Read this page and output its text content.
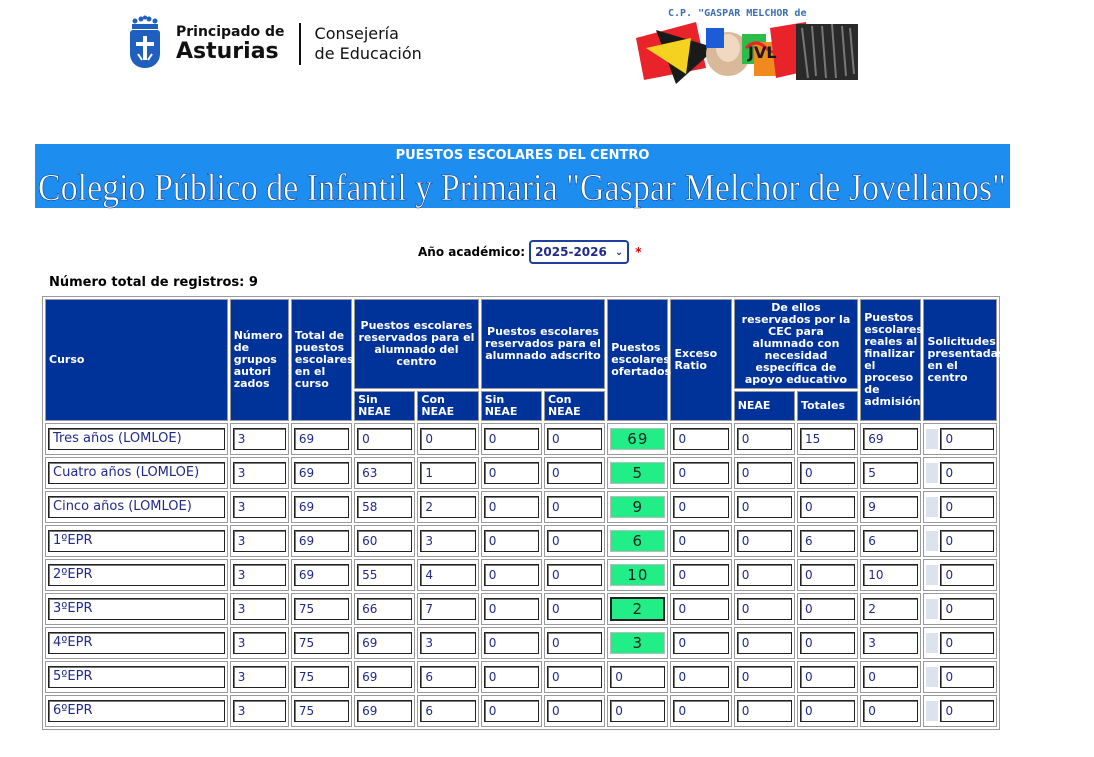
Principado de
Asturias
Consejería
de Educación
C.P. "GASPAR MELCHOR de
JVL
PUESTOS ESCOLARES DEL CENTRO
Colegio Público de Infantil y Primaria "Gaspar Melchor de Jovellanos"
Año académico: 2025-2026 ⌄ *
Número total de registros: 9
Curso	Número de grupos autori zados	Total de puestos escolares en el curso	Puestos escolares reservados para el alumnado del centro		Puestos escolares reservados para el alumnado adscrito		Puestos escolares ofertados	Exceso Ratio	De ellos reservados por la CEC para alumnado con necesidad específica de apoyo educativo		Puestos escolares reales al finalizar el proceso de admisión	Solicitudes presentadas en el centro
			Sin NEAE	Con NEAE	Sin NEAE	Con NEAE			NEAE	Totales		

Tres años (LOMLOE)	3	69	0	0	0	0	69	0	0	15	69	0

Cuatro años (LOMLOE)	3	69	63	1	0	0	5	0	0	0	5	0

Cinco años (LOMLOE)	3	69	58	2	0	0	9	0	0	0	9	0

1ºEPR	3	69	60	3	0	0	6	0	0	6	6	0

2ºEPR	3	69	55	4	0	0	10	0	0	0	10	0

3ºEPR	3	75	66	7	0	0	2	0	0	0	2	0

4ºEPR	3	75	69	3	0	0	3	0	0	0	3	0

5ºEPR	3	75	69	6	0	0	0	0	0	0	0	0

6ºEPR	3	75	69	6	0	0	0	0	0	0	0	0
